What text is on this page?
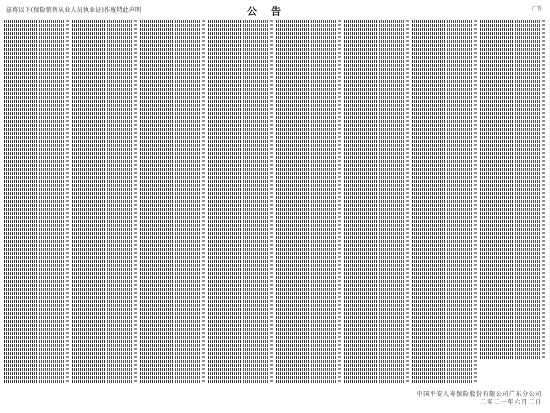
兹将以下(保险销售从业人员执业证)作废特此声明	公告	广告
中国平安人寿保险股份有限公司广东分公司
二零二一年六月二日
